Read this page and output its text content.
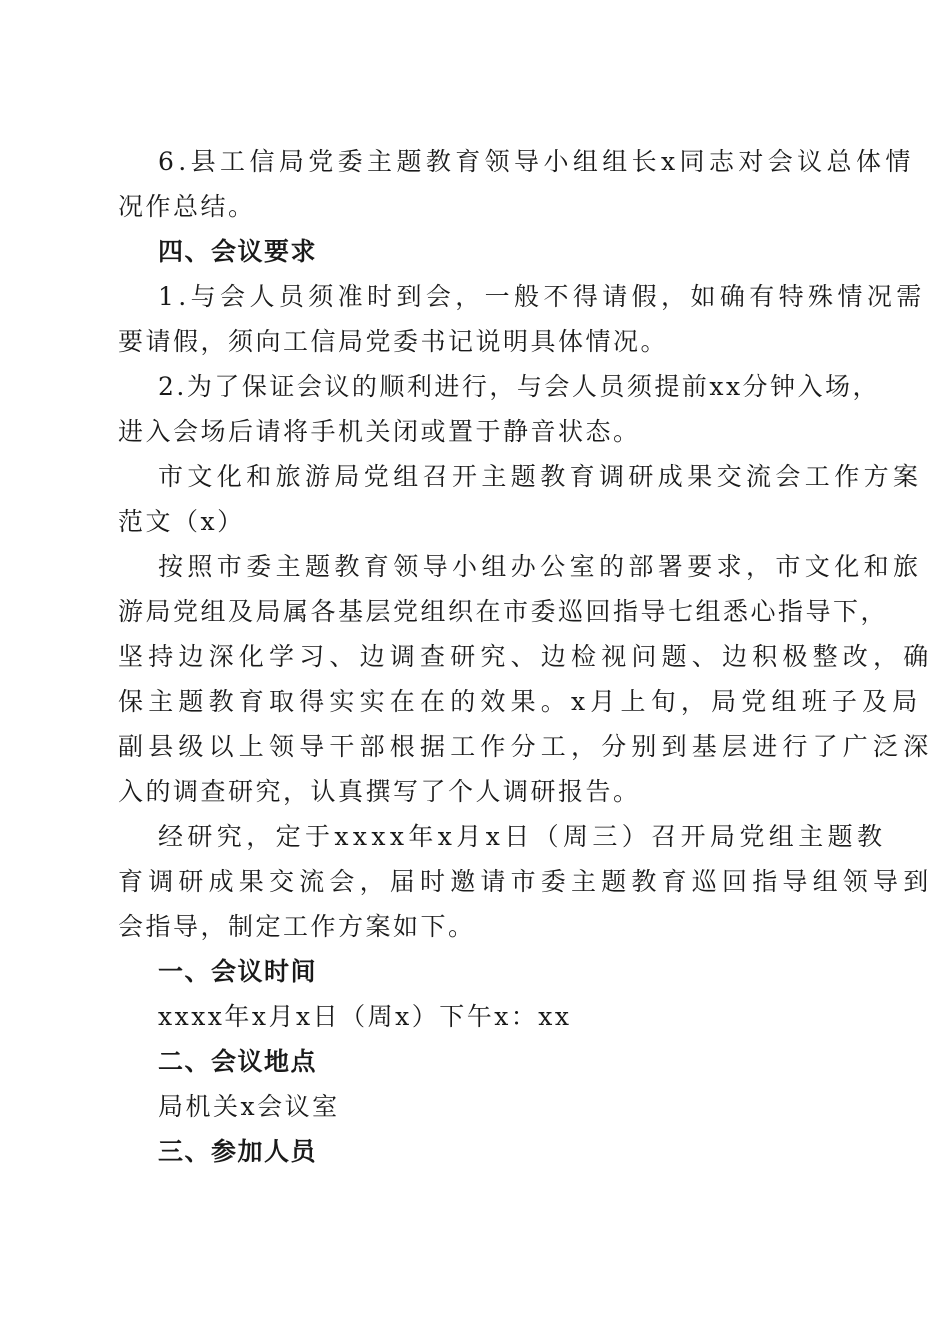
6.县工信局党委主题教育领导小组组长x同志对会议总体情
况作总结。
四、会议要求
1.与会人员须准时到会，一般不得请假，如确有特殊情况需
要请假，须向工信局党委书记说明具体情况。
2.为了保证会议的顺利进行，与会人员须提前xx分钟入场，
进入会场后请将手机关闭或置于静音状态。
市文化和旅游局党组召开主题教育调研成果交流会工作方案
范文（x）
按照市委主题教育领导小组办公室的部署要求，市文化和旅
游局党组及局属各基层党组织在市委巡回指导七组悉心指导下，
坚持边深化学习、边调查研究、边检视问题、边积极整改，确
保主题教育取得实实在在的效果。x月上旬，局党组班子及局
副县级以上领导干部根据工作分工，分别到基层进行了广泛深
入的调查研究，认真撰写了个人调研报告。
经研究，定于xxxx年x月x日（周三）召开局党组主题教
育调研成果交流会，届时邀请市委主题教育巡回指导组领导到
会指导，制定工作方案如下。
一、会议时间
xxxx年x月x日（周x）下午x：xx
二、会议地点
局机关x会议室
三、参加人员
